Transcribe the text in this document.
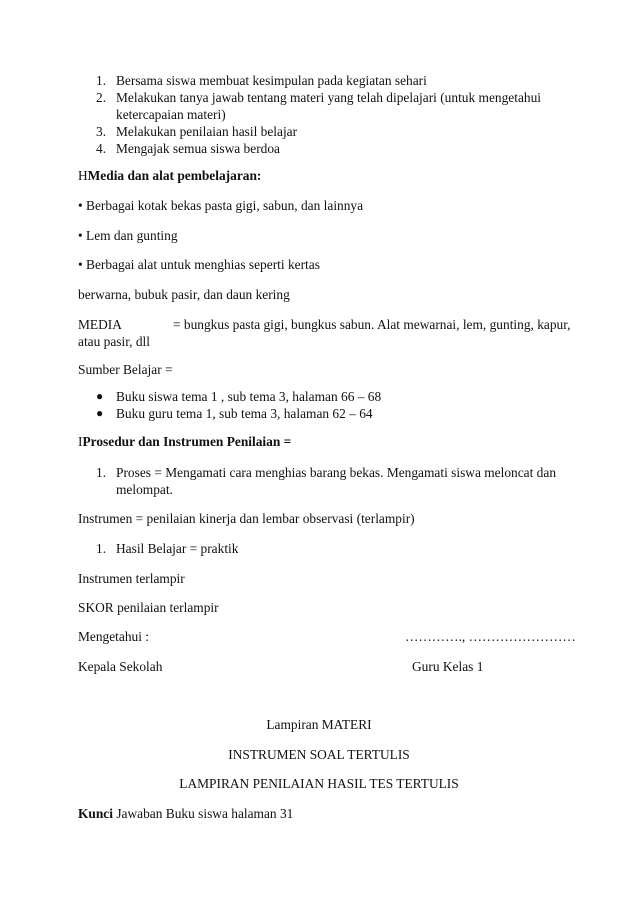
1. Bersama siswa membuat kesimpulan pada kegiatan sehari
2. Melakukan tanya jawab tentang materi yang telah dipelajari (untuk mengetahui
ketercapaian materi)
3. Melakukan penilaian hasil belajar
4. Mengajak semua siswa berdoa
HMedia dan alat pembelajaran:
• Berbagai kotak bekas pasta gigi, sabun, dan lainnya
• Lem dan gunting
• Berbagai alat untuk menghias seperti kertas
berwarna, bubuk pasir, dan daun kering
MEDIA	= bungkus pasta gigi, bungkus sabun. Alat mewarnai, lem, gunting, kapur,
atau pasir, dll
Sumber Belajar =
● Buku siswa tema 1 , sub tema 3, halaman 66 – 68
● Buku guru tema 1, sub tema 3, halaman 62 – 64
IProsedur dan Instrumen Penilaian =
1. Proses = Mengamati cara menghias barang bekas. Mengamati siswa meloncat dan
melompat.
Instrumen = penilaian kinerja dan lembar observasi (terlampir)
1. Hasil Belajar = praktik
Instrumen terlampir
SKOR penilaian terlampir
Mengetahui :	…………., ……………………
Kepala Sekolah	Guru Kelas 1
Lampiran MATERI
INSTRUMEN SOAL TERTULIS
LAMPIRAN PENILAIAN HASIL TES TERTULIS
Kunci Jawaban Buku siswa halaman 31
